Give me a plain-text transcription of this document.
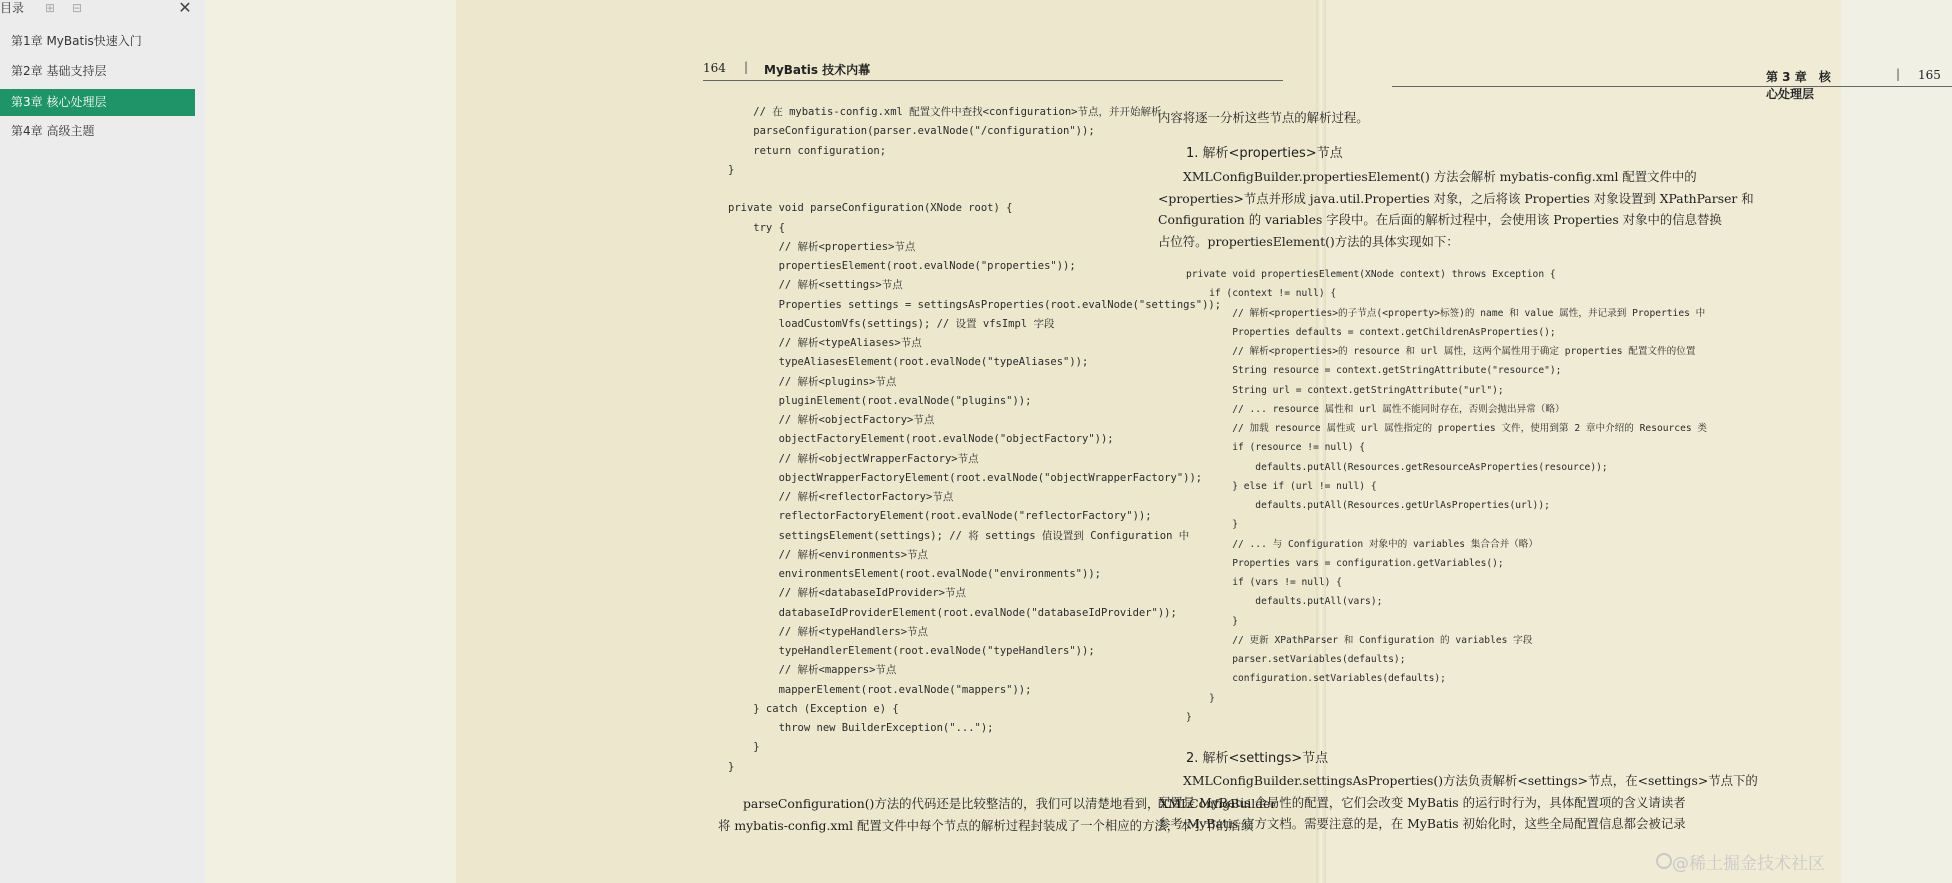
目录 ⊞ ⊟	✕
第1章 MyBatis快速入门
第2章 基础支持层
第3章 核心处理层
第4章 高级主题
164 | MyBatis 技术内幕
// 在 mybatis-config.xml 配置文件中查找<configuration>节点，并开始解析
parseConfiguration(parser.evalNode("/configuration"));
return configuration;
}
private void parseConfiguration(XNode root) {
try {
// 解析<properties>节点
propertiesElement(root.evalNode("properties"));
// 解析<settings>节点
Properties settings = settingsAsProperties(root.evalNode("settings"));
loadCustomVfs(settings); // 设置 vfsImpl 字段
// 解析<typeAliases>节点
typeAliasesElement(root.evalNode("typeAliases"));
// 解析<plugins>节点
pluginElement(root.evalNode("plugins"));
// 解析<objectFactory>节点
objectFactoryElement(root.evalNode("objectFactory"));
// 解析<objectWrapperFactory>节点
objectWrapperFactoryElement(root.evalNode("objectWrapperFactory"));
// 解析<reflectorFactory>节点
reflectorFactoryElement(root.evalNode("reflectorFactory"));
settingsElement(settings); // 将 settings 值设置到 Configuration 中
// 解析<environments>节点
environmentsElement(root.evalNode("environments"));
// 解析<databaseIdProvider>节点
databaseIdProviderElement(root.evalNode("databaseIdProvider"));
// 解析<typeHandlers>节点
typeHandlerElement(root.evalNode("typeHandlers"));
// 解析<mappers>节点
mapperElement(root.evalNode("mappers"));
} catch (Exception e) {
throw new BuilderException("...");
}
}
parseConfiguration()方法的代码还是比较整洁的，我们可以清楚地看到，XMLConfigBuilder
将 mybatis-config.xml 配置文件中每个节点的解析过程封装成了一个相应的方法，本小节的后续
第 3 章　核心处理层
| 165
内容将逐一分析这些节点的解析过程。
1. 解析<properties>节点
XMLConfigBuilder.propertiesElement() 方法会解析 mybatis-config.xml 配置文件中的
<properties>节点并形成 java.util.Properties 对象，之后将该 Properties 对象设置到 XPathParser 和
Configuration 的 variables 字段中。在后面的解析过程中，会使用该 Properties 对象中的信息替换
占位符。propertiesElement()方法的具体实现如下：
private void propertiesElement(XNode context) throws Exception {
if (context != null) {
// 解析<properties>的子节点(<property>标签)的 name 和 value 属性，并记录到 Properties 中
Properties defaults = context.getChildrenAsProperties();
// 解析<properties>的 resource 和 url 属性，这两个属性用于确定 properties 配置文件的位置
String resource = context.getStringAttribute("resource");
String url = context.getStringAttribute("url");
// ... resource 属性和 url 属性不能同时存在，否则会抛出异常（略）
// 加载 resource 属性或 url 属性指定的 properties 文件，使用到第 2 章中介绍的 Resources 类
if (resource != null) {
defaults.putAll(Resources.getResourceAsProperties(resource));
} else if (url != null) {
defaults.putAll(Resources.getUrlAsProperties(url));
}
// ... 与 Configuration 对象中的 variables 集合合并（略）
Properties vars = configuration.getVariables();
if (vars != null) {
defaults.putAll(vars);
}
// 更新 XPathParser 和 Configuration 的 variables 字段
parser.setVariables(defaults);
configuration.setVariables(defaults);
}
}
2. 解析<settings>节点
XMLConfigBuilder.settingsAsProperties()方法负责解析<settings>节点，在<settings>节点下的
配置是 MyBatis 全局性的配置，它们会改变 MyBatis 的运行时行为，具体配置项的含义请读者
参考 MyBatis 官方文档。需要注意的是，在 MyBatis 初始化时，这些全局配置信息都会被记录
@稀土掘金技术社区
